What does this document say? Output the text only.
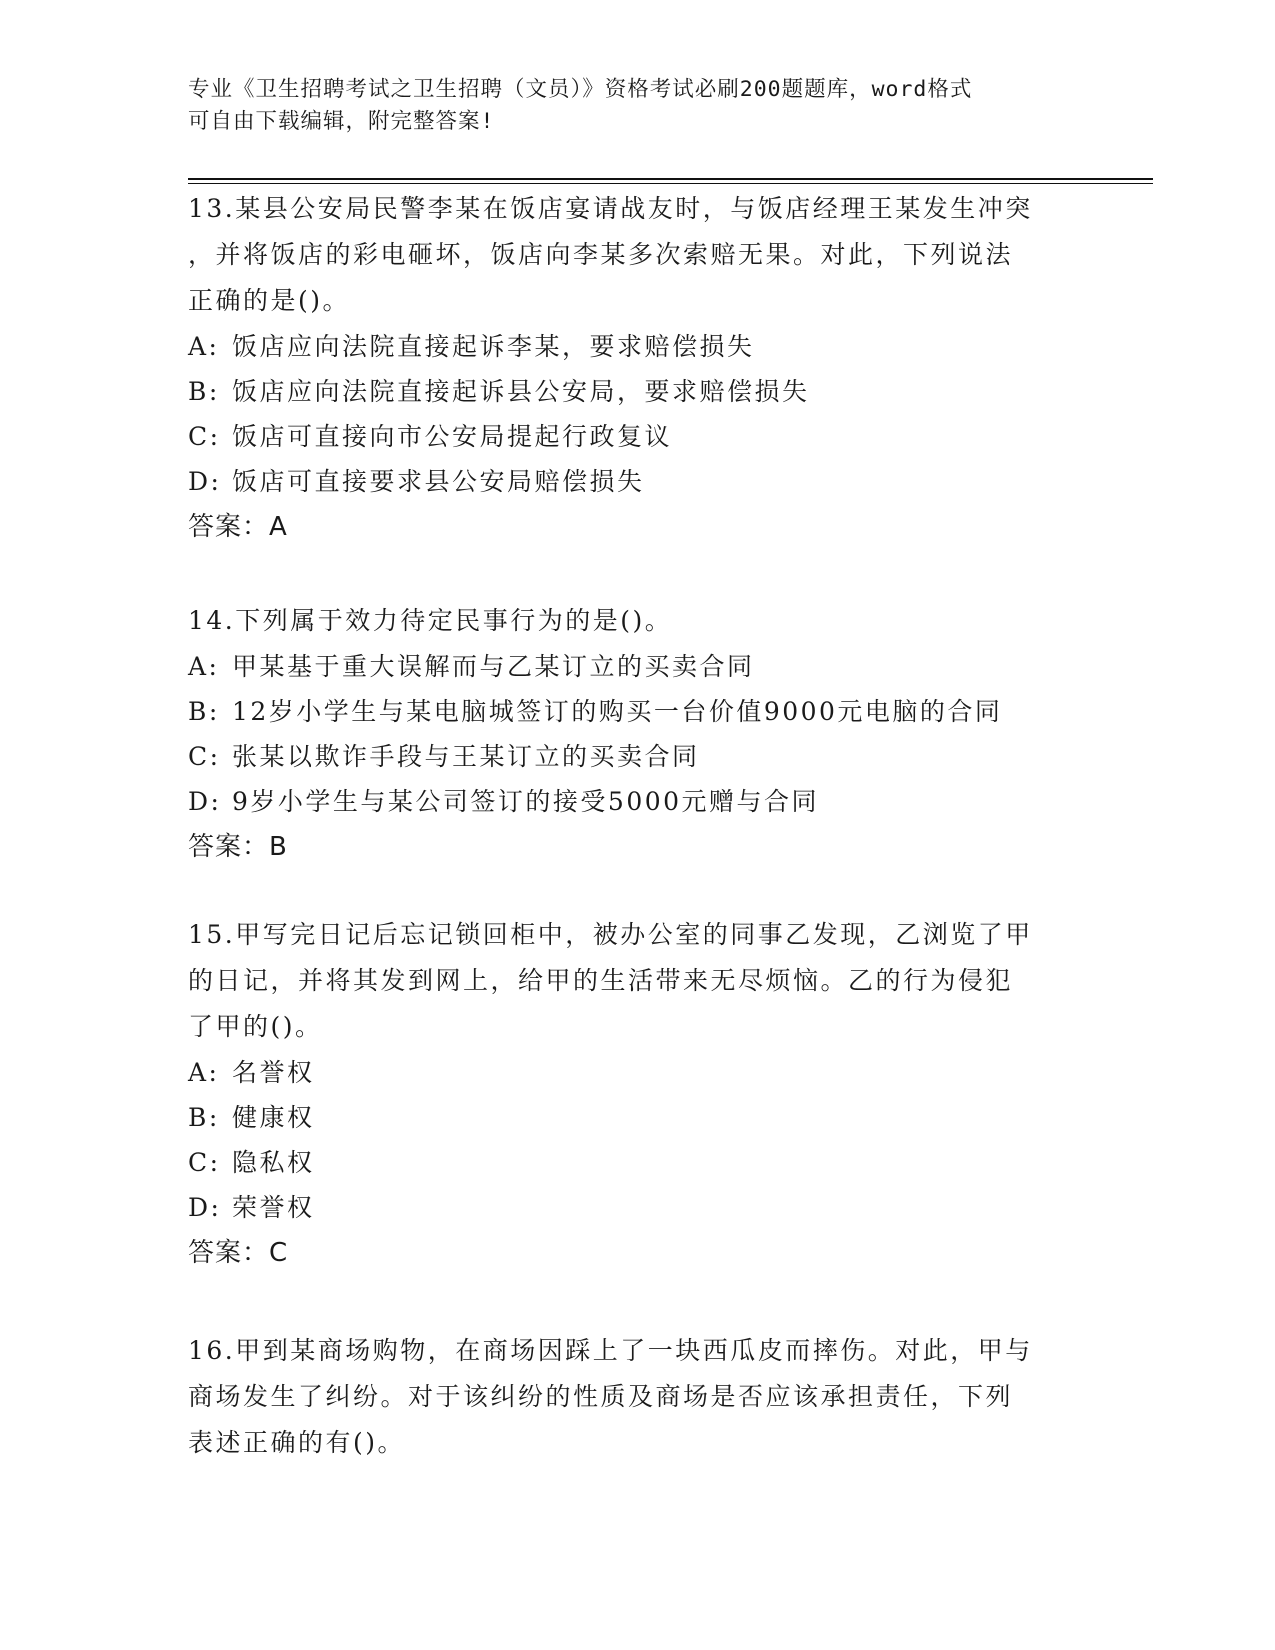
专业《卫生招聘考试之卫生招聘（文员）》资格考试必刷200题题库，word格式
可自由下载编辑，附完整答案!
13.某县公安局民警李某在饭店宴请战友时，与饭店经理王某发生冲突
，并将饭店的彩电砸坏，饭店向李某多次索赔无果。对此，下列说法
正确的是()。
A: 饭店应向法院直接起诉李某，要求赔偿损失
B: 饭店应向法院直接起诉县公安局，要求赔偿损失
C: 饭店可直接向市公安局提起行政复议
D: 饭店可直接要求县公安局赔偿损失
答案：A
14.下列属于效力待定民事行为的是()。
A: 甲某基于重大误解而与乙某订立的买卖合同
B: 12岁小学生与某电脑城签订的购买一台价值9000元电脑的合同
C: 张某以欺诈手段与王某订立的买卖合同
D: 9岁小学生与某公司签订的接受5000元赠与合同
答案：B
15.甲写完日记后忘记锁回柜中，被办公室的同事乙发现，乙浏览了甲
的日记，并将其发到网上，给甲的生活带来无尽烦恼。乙的行为侵犯
了甲的()。
A: 名誉权
B: 健康权
C: 隐私权
D: 荣誉权
答案：C
16.甲到某商场购物，在商场因踩上了一块西瓜皮而摔伤。对此，甲与
商场发生了纠纷。对于该纠纷的性质及商场是否应该承担责任，下列
表述正确的有()。
